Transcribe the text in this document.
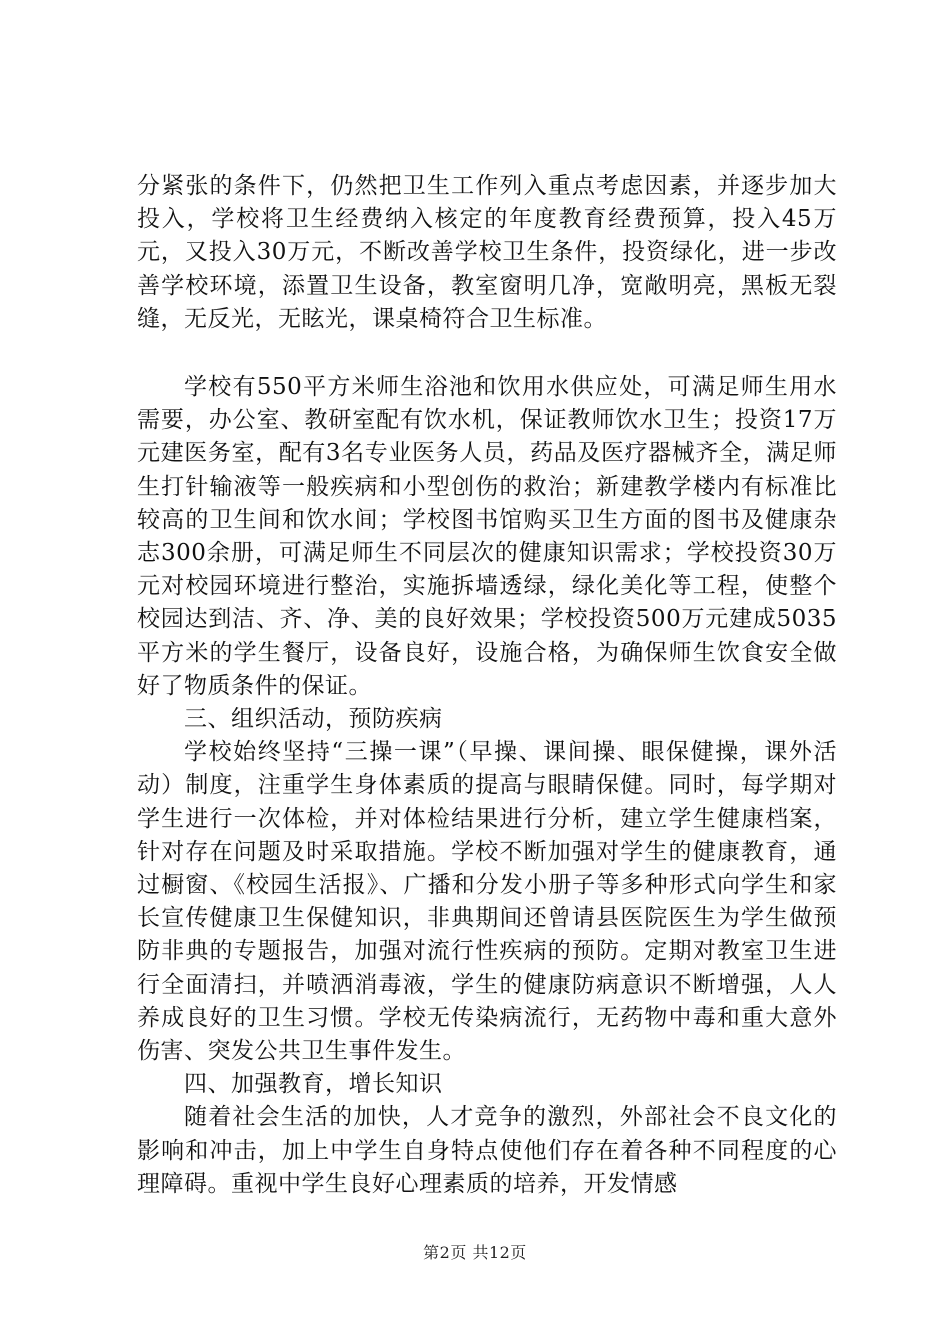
分紧张的条件下，仍然把卫生工作列入重点考虑因素，并逐步加大投入，学校将卫生经费纳入核定的年度教育经费预算，投入45万元，又投入30万元，不断改善学校卫生条件，投资绿化，进一步改善学校环境，添置卫生设备，教室窗明几净，宽敞明亮，黑板无裂缝，无反光，无眩光，课桌椅符合卫生标准。

学校有550平方米师生浴池和饮用水供应处，可满足师生用水需要，办公室、教研室配有饮水机，保证教师饮水卫生；投资17万元建医务室，配有3名专业医务人员，药品及医疗器械齐全，满足师生打针输液等一般疾病和小型创伤的救治；新建教学楼内有标准比较高的卫生间和饮水间；学校图书馆购买卫生方面的图书及健康杂志300余册，可满足师生不同层次的健康知识需求；学校投资30万元对校园环境进行整治，实施拆墙透绿，绿化美化等工程，使整个校园达到洁、齐、净、美的良好效果；学校投资500万元建成5035平方米的学生餐厅，设备良好，设施合格，为确保师生饮食安全做好了物质条件的保证。

三、组织活动，预防疾病

学校始终坚持“三操一课”（早操、课间操、眼保健操，课外活动）制度，注重学生身体素质的提高与眼睛保健。同时，每学期对学生进行一次体检，并对体检结果进行分析，建立学生健康档案，针对存在问题及时采取措施。学校不断加强对学生的健康教育，通过橱窗、《校园生活报》、广播和分发小册子等多种形式向学生和家长宣传健康卫生保健知识，非典期间还曾请县医院医生为学生做预防非典的专题报告，加强对流行性疾病的预防。定期对教室卫生进行全面清扫，并喷洒消毒液，学生的健康防病意识不断增强，人人养成良好的卫生习惯。学校无传染病流行，无药物中毒和重大意外伤害、突发公共卫生事件发生。

四、加强教育，增长知识

随着社会生活的加快，人才竞争的激烈，外部社会不良文化的影响和冲击，加上中学生自身特点使他们存在着各种不同程度的心理障碍。重视中学生良好心理素质的培养，开发情感

第2页 共12页
